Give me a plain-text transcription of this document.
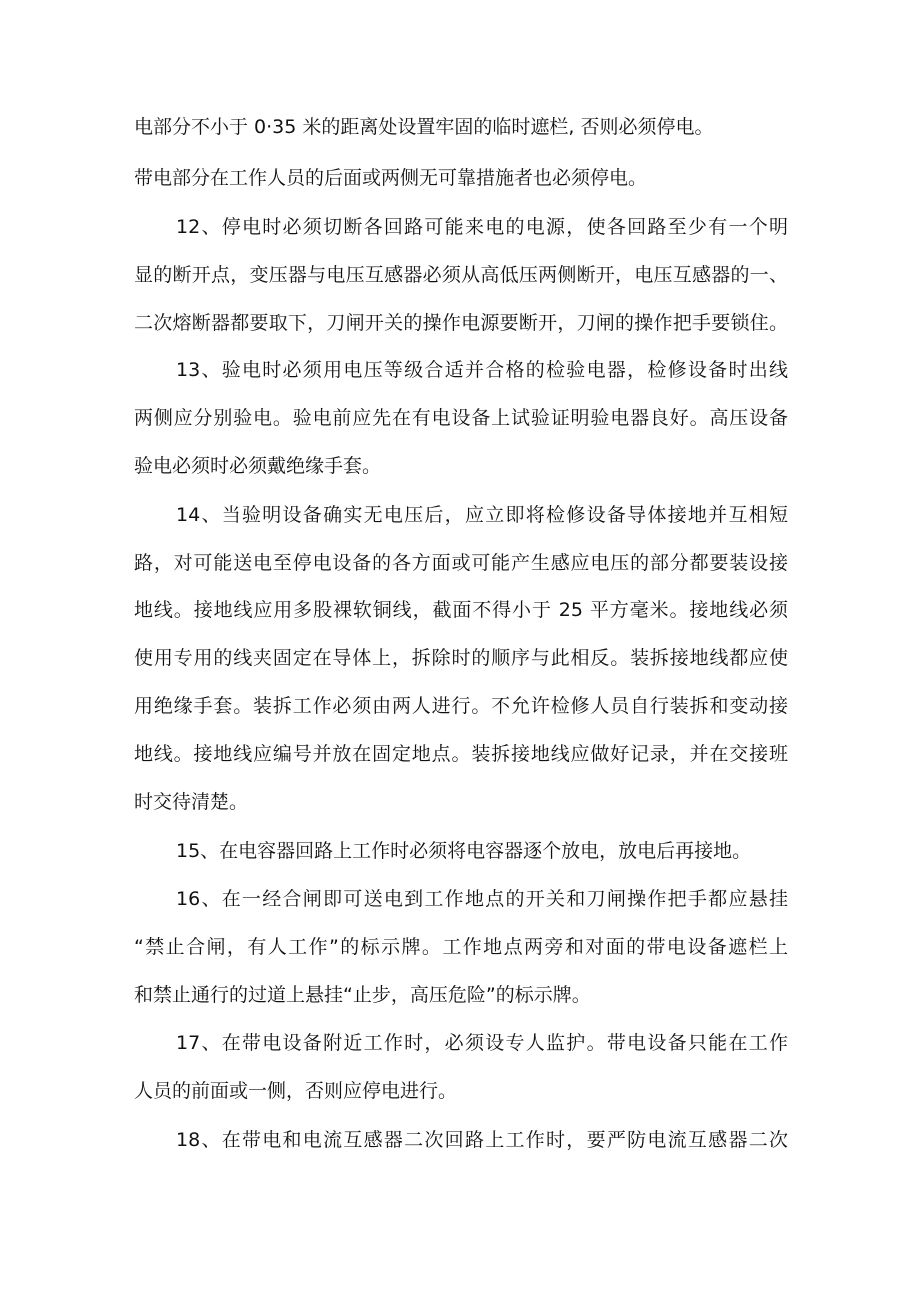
电部分不小于 0·35 米的距离处设置牢固的临时遮栏, 否则必须停电。
带电部分在工作人员的后面或两侧无可靠措施者也必须停电。
12、停电时必须切断各回路可能来电的电源，使各回路至少有一个明
显的断开点，变压器与电压互感器必须从高低压两侧断开，电压互感器的一、
二次熔断器都要取下，刀闸开关的操作电源要断开，刀闸的操作把手要锁住。
13、验电时必须用电压等级合适并合格的检验电器，检修设备时出线
两侧应分别验电。验电前应先在有电设备上试验证明验电器良好。高压设备
验电必须时必须戴绝缘手套。
14、当验明设备确实无电压后，应立即将检修设备导体接地并互相短
路，对可能送电至停电设备的各方面或可能产生感应电压的部分都要装设接
地线。接地线应用多股裸软铜线，截面不得小于 25 平方毫米。接地线必须
使用专用的线夹固定在导体上，拆除时的顺序与此相反。装拆接地线都应使
用绝缘手套。装拆工作必须由两人进行。不允许检修人员自行装拆和变动接
地线。接地线应编号并放在固定地点。装拆接地线应做好记录，并在交接班
时交待清楚。
15、在电容器回路上工作时必须将电容器逐个放电，放电后再接地。
16、在一经合闸即可送电到工作地点的开关和刀闸操作把手都应悬挂
“禁止合闸，有人工作”的标示牌。工作地点两旁和对面的带电设备遮栏上
和禁止通行的过道上悬挂“止步，高压危险”的标示牌。
17、在带电设备附近工作时，必须设专人监护。带电设备只能在工作
人员的前面或一侧，否则应停电进行。
18、在带电和电流互感器二次回路上工作时，要严防电流互感器二次
